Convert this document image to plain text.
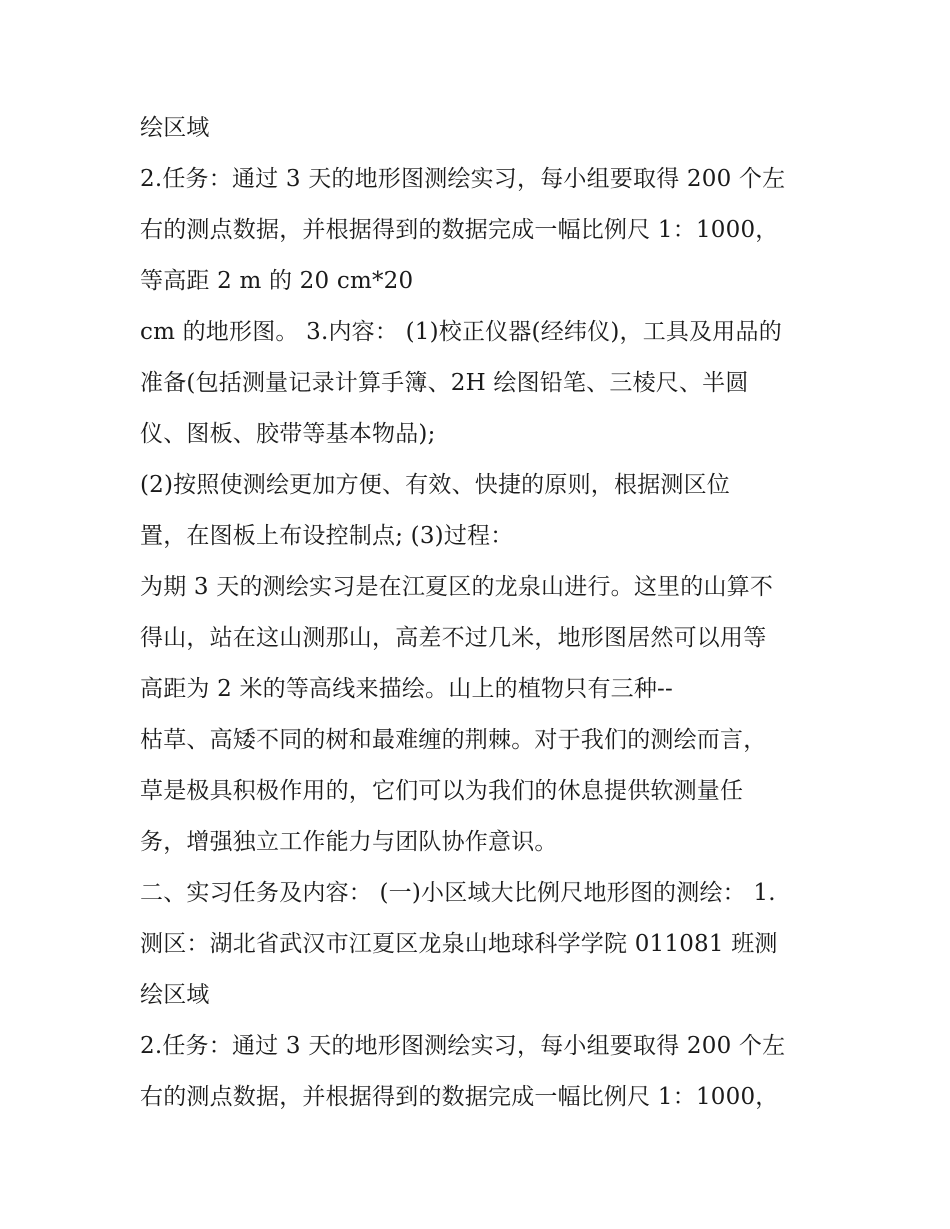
绘区域
2.任务：通过 3 天的地形图测绘实习，每小组要取得 200 个左
右的测点数据，并根据得到的数据完成一幅比例尺 1：1000，
等高距 2 m 的 20 cm*20
cm 的地形图。 3.内容： (1)校正仪器(经纬仪)，工具及用品的
准备(包括测量记录计算手簿、2H 绘图铅笔、三棱尺、半圆
仪、图板、胶带等基本物品);
(2)按照使测绘更加方便、有效、快捷的原则，根据测区位
置，在图板上布设控制点; (3)过程：
为期 3 天的测绘实习是在江夏区的龙泉山进行。这里的山算不
得山，站在这山测那山，高差不过几米，地形图居然可以用等
高距为 2 米的等高线来描绘。山上的植物只有三种--
枯草、高矮不同的树和最难缠的荆棘。对于我们的测绘而言，
草是极具积极作用的，它们可以为我们的休息提供软测量任
务，增强独立工作能力与团队协作意识。
二、实习任务及内容： (一)小区域大比例尺地形图的测绘： 1.
测区：湖北省武汉市江夏区龙泉山地球科学学院 011081 班测
绘区域
2.任务：通过 3 天的地形图测绘实习，每小组要取得 200 个左
右的测点数据，并根据得到的数据完成一幅比例尺 1：1000，
